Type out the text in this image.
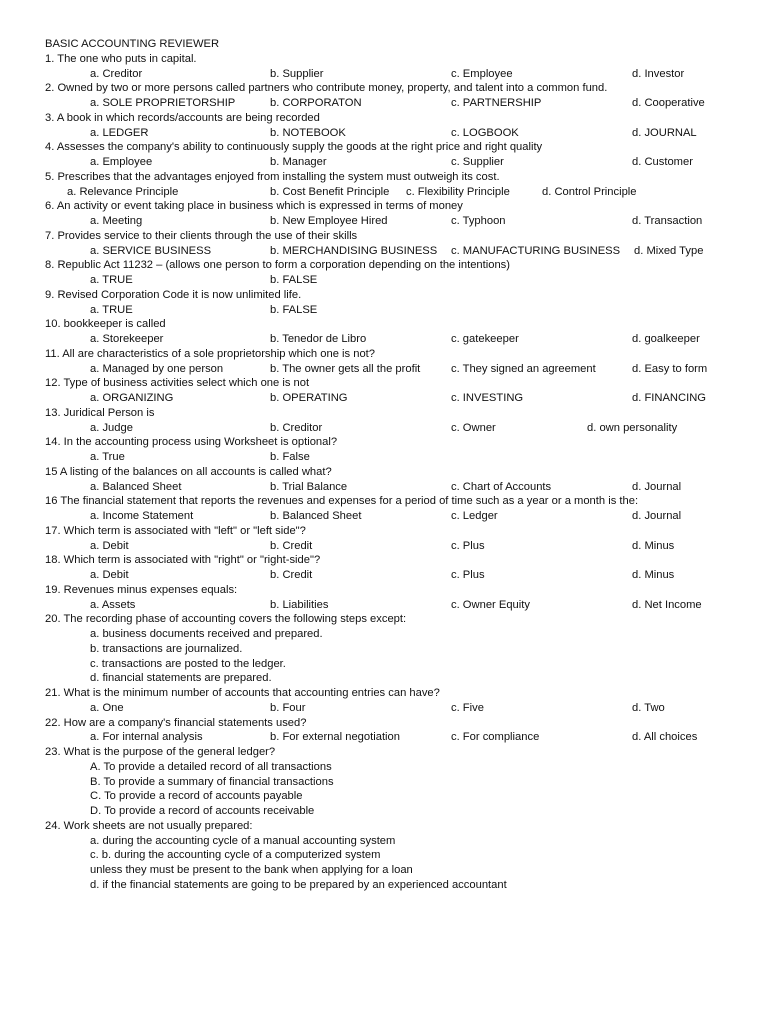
BASIC ACCOUNTING REVIEWER
1. The one who puts in capital.
a. Creditor	b. Supplier	c. Employee	d. Investor
2. Owned by two or more persons called partners who contribute money, property, and talent into a common fund.
a. SOLE PROPRIETORSHIP	b. CORPORATON	c. PARTNERSHIP	d. Cooperative
3. A book in which records/accounts are being recorded
a. LEDGER	b. NOTEBOOK	c. LOGBOOK	d. JOURNAL
4. Assesses the company's ability to continuously supply the goods at the right price and right quality
a. Employee	b. Manager	c. Supplier	d. Customer
5. Prescribes that the advantages enjoyed from installing the system must outweigh its cost.
a. Relevance Principle	b. Cost Benefit Principle c. Flexibility Principle	d. Control Principle
6. An activity or event taking place in business which is expressed in terms of money
a. Meeting	b. New Employee Hired	c. Typhoon	d. Transaction
7. Provides service to their clients through the use of their skills
a. SERVICE BUSINESS	b. MERCHANDISING BUSINESS c. MANUFACTURING BUSINESS d. Mixed Type
8. Republic Act 11232 – (allows one person to form a corporation depending on the intentions)
a. TRUE	b. FALSE
9. Revised Corporation Code it is now unlimited life.
a. TRUE	b. FALSE
10. bookkeeper is called
a. Storekeeper	b. Tenedor de Libro	c. gatekeeper	d. goalkeeper
11. All are characteristics of a sole proprietorship which one is not?
a. Managed by one person	b. The owner gets all the profit	c. They signed an agreement	d. Easy to form
12. Type of business activities select which one is not
a. ORGANIZING	b. OPERATING	c. INVESTING	d. FINANCING
13. Juridical Person is
a. Judge	b. Creditor	c. Owner	d. own personality
14. In the accounting process using Worksheet is optional?
a. True	b. False
15 A listing of the balances on all accounts is called what?
a. Balanced Sheet	b. Trial Balance	c. Chart of Accounts	d. Journal
16 The financial statement that reports the revenues and expenses for a period of time such as a year or a month is the:
a. Income Statement	b. Balanced Sheet	c. Ledger	d. Journal
17. Which term is associated with "left" or "left side"?
a. Debit	b. Credit	c. Plus	d. Minus
18. Which term is associated with "right" or "right-side"?
a. Debit	b. Credit	c. Plus	d. Minus
19. Revenues minus expenses equals:
a. Assets	b. Liabilities	c. Owner Equity	d. Net Income
20. The recording phase of accounting covers the following steps except:
a. business documents received and prepared.
b. transactions are journalized.
c. transactions are posted to the ledger.
d. financial statements are prepared.
21. What is the minimum number of accounts that accounting entries can have?
a. One	b. Four	c. Five	d. Two
22. How are a company's financial statements used?
a. For internal analysis	b. For external negotiation	c. For compliance	d. All choices
23. What is the purpose of the general ledger?
A. To provide a detailed record of all transactions
B. To provide a summary of financial transactions
C. To provide a record of accounts payable
D. To provide a record of accounts receivable
24. Work sheets are not usually prepared:
a. during the accounting cycle of a manual accounting system
c. b. during the accounting cycle of a computerized system
unless they must be present to the bank when applying for a loan
d. if the financial statements are going to be prepared by an experienced accountant
